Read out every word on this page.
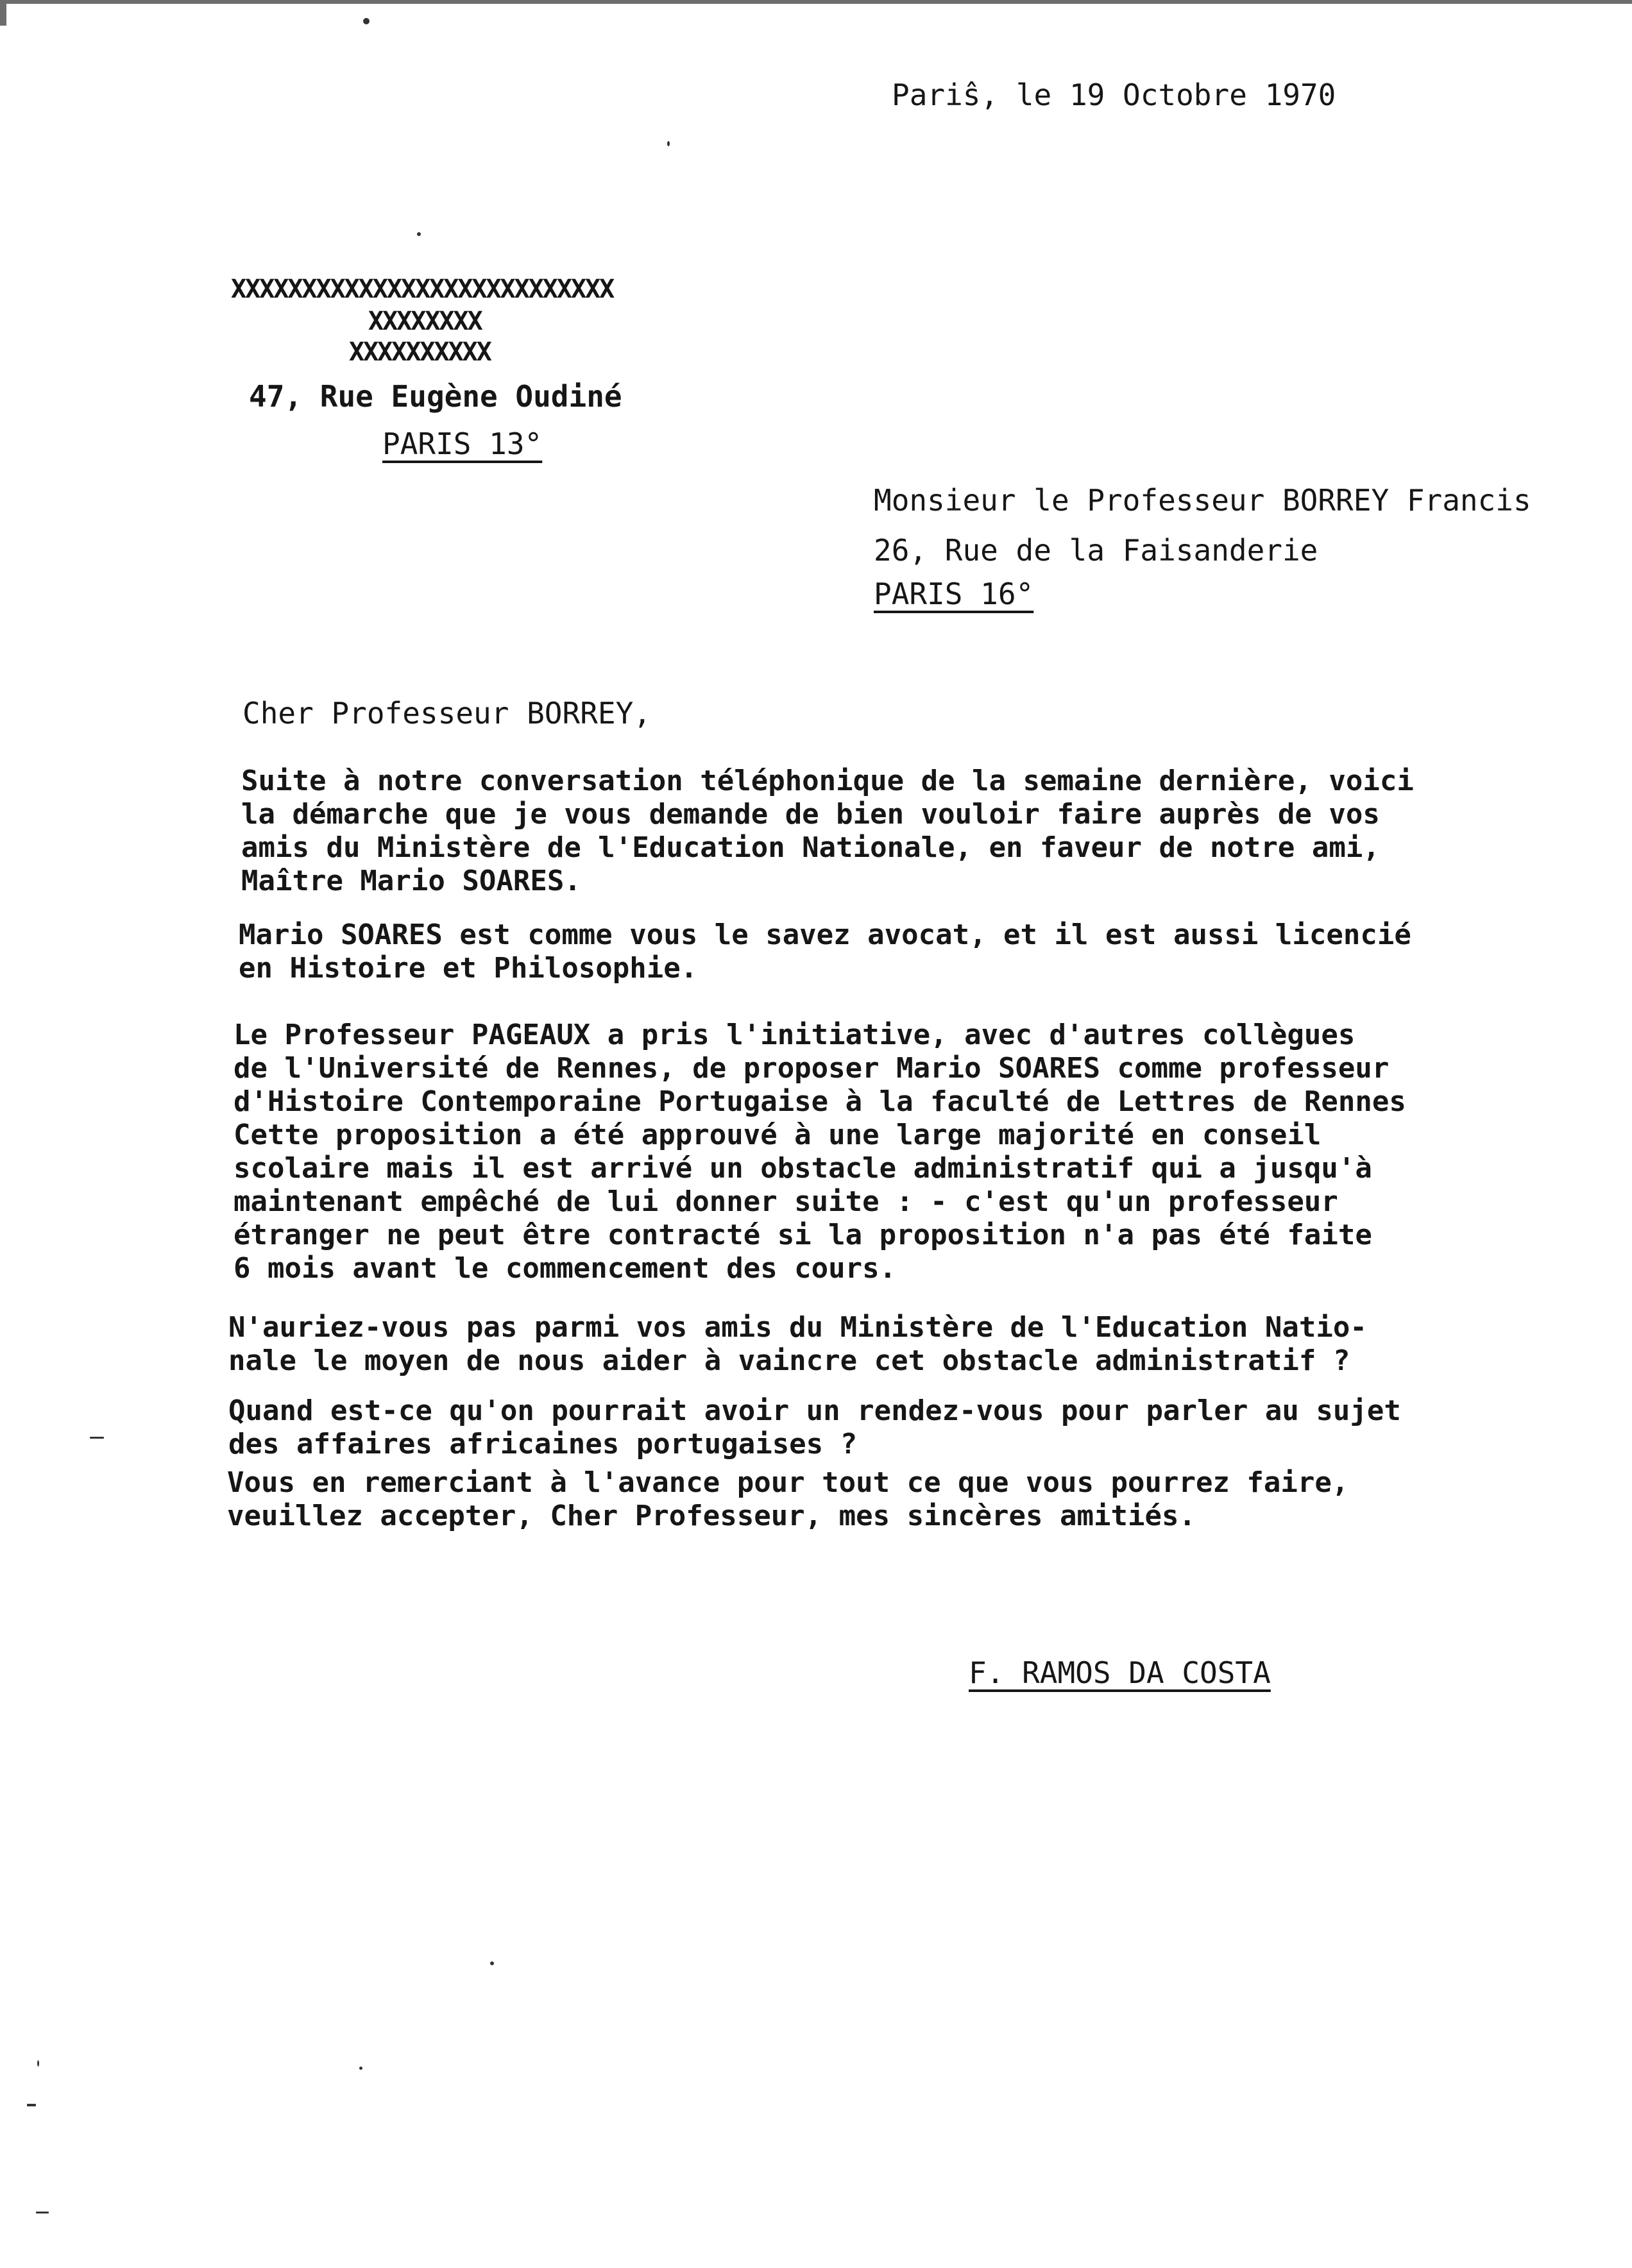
Pariŝ, le 19 Octobre 1970
XXXXXXXXXXXXXXXXXXXXXXXXXXX
XXXXXXXX
XXXXXXXXXX
47, Rue Eugène Oudiné
PARIS 13°
Monsieur le Professeur BORREY Francis
26, Rue de la Faisanderie
PARIS 16°
Cher Professeur BORREY,
Suite à notre conversation téléphonique de la semaine dernière, voici
la démarche que je vous demande de bien vouloir faire auprès de vos
amis du Ministère de l'Education Nationale, en faveur de notre ami,
Maître Mario SOARES.
Mario SOARES est comme vous le savez avocat, et il est aussi licencié
en Histoire et Philosophie.
Le Professeur PAGEAUX a pris l'initiative, avec d'autres collègues
de l'Université de Rennes, de proposer Mario SOARES comme professeur
d'Histoire Contemporaine Portugaise à la faculté de Lettres de Rennes
Cette proposition a été approuvé à une large majorité en conseil
scolaire mais il est arrivé un obstacle administratif qui a jusqu'à
maintenant empêché de lui donner suite : - c'est qu'un professeur
étranger ne peut être contracté si la proposition n'a pas été faite
6 mois avant le commencement des cours.
N'auriez-vous pas parmi vos amis du Ministère de l'Education Natio-
nale le moyen de nous aider à vaincre cet obstacle administratif ?
Quand est-ce qu'on pourrait avoir un rendez-vous pour parler au sujet
des affaires africaines portugaises ?
Vous en remerciant à l'avance pour tout ce que vous pourrez faire,
veuillez accepter, Cher Professeur, mes sincères amitiés.
F. RAMOS DA COSTA
